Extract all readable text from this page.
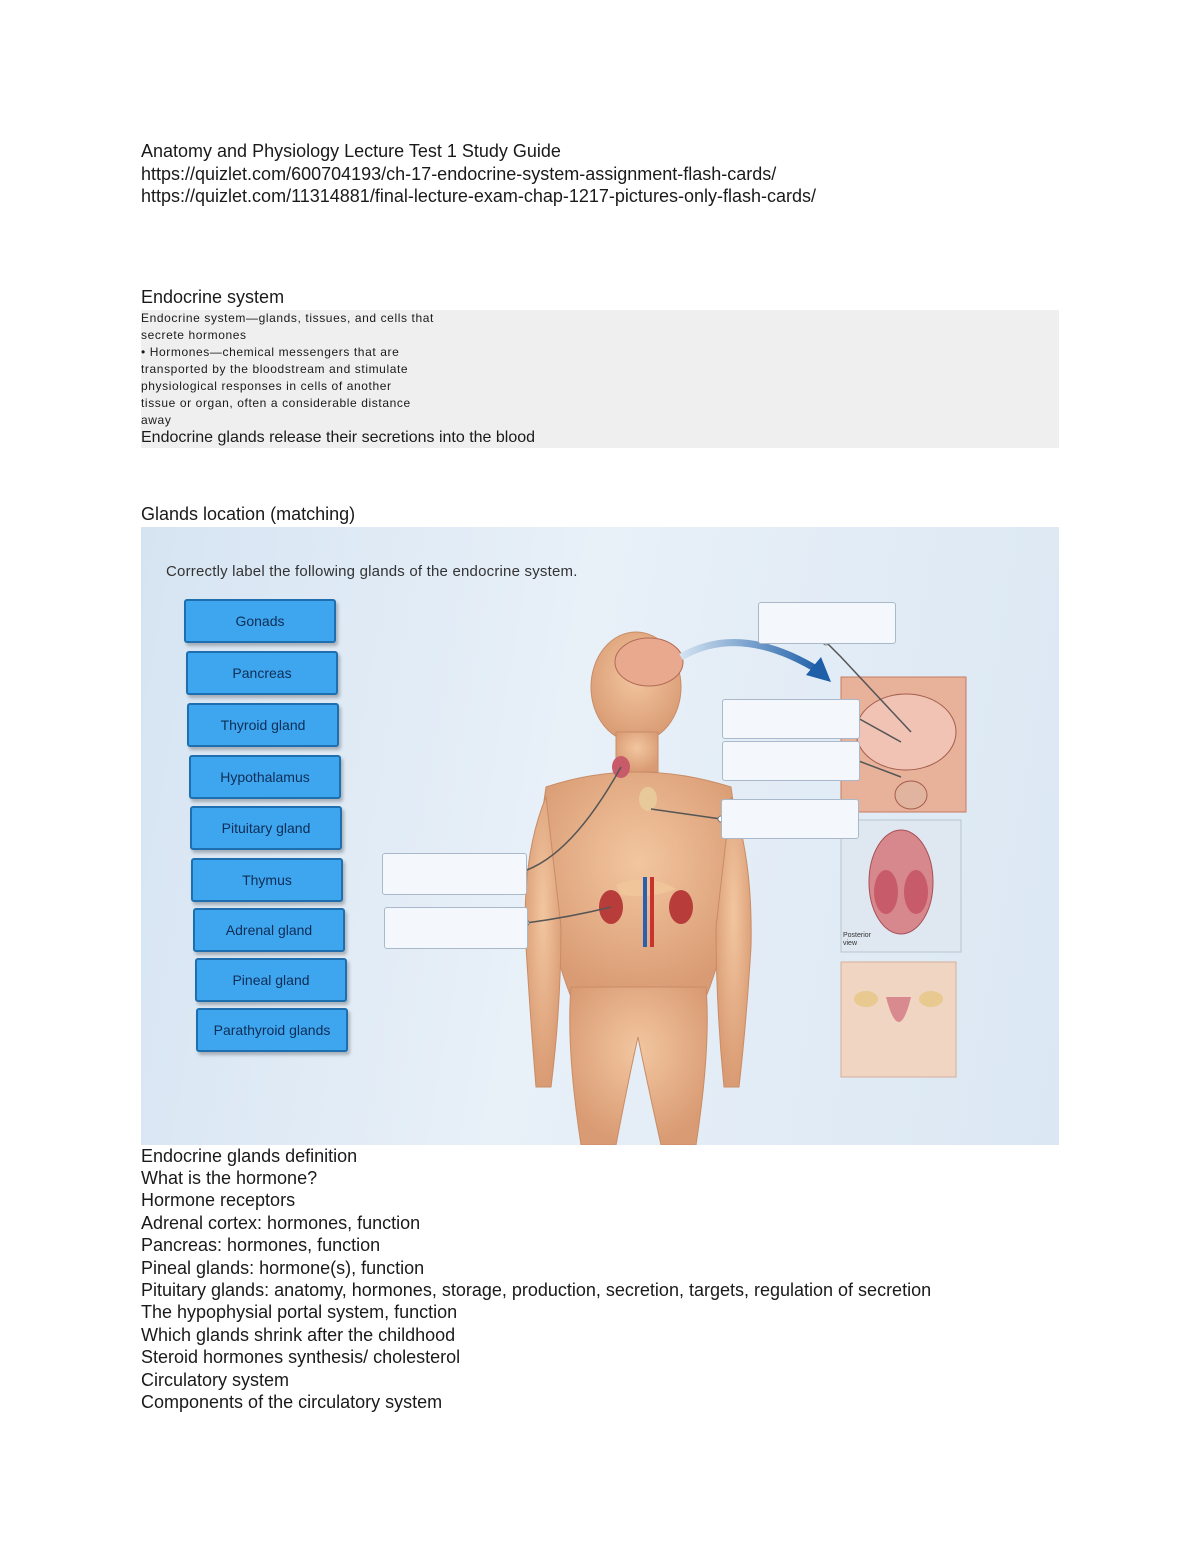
Anatomy and Physiology Lecture Test 1 Study Guide
https://quizlet.com/600704193/ch-17-endocrine-system-assignment-flash-cards/
https://quizlet.com/11314881/final-lecture-exam-chap-1217-pictures-only-flash-cards/
Endocrine system
Endocrine system—glands, tissues, and cells that
secrete hormones
• Hormones—chemical messengers that are
transported by the bloodstream and stimulate
physiological responses in cells of another
tissue or organ, often a considerable distance
away
Endocrine glands release their secretions into the blood
Glands location (matching)
Correctly label the following glands of the endocrine system.
Gonads
Pancreas
Thyroid gland
Hypothalamus
Pituitary gland
Thymus
Adrenal gland
Pineal gland
Parathyroid glands
Posterior view
Endocrine glands definition
What is the hormone?
Hormone receptors
Adrenal cortex: hormones, function
Pancreas: hormones, function
Pineal glands: hormone(s), function
Pituitary glands: anatomy, hormones, storage, production, secretion, targets, regulation of secretion
The hypophysial portal system, function
Which glands shrink after the childhood
Steroid hormones synthesis/ cholesterol
Circulatory system
Components of the circulatory system
